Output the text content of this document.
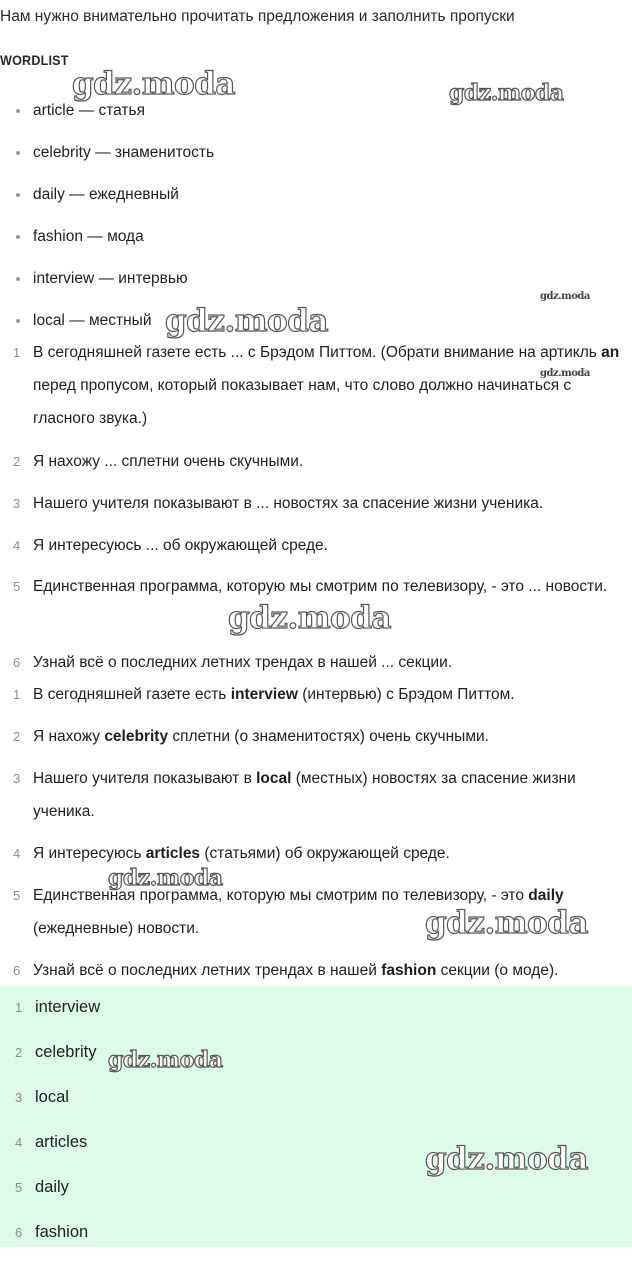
Нам нужно внимательно прочитать предложения и заполнить пропуски
WORDLIST
article — статья
celebrity — знаменитость
daily — ежедневный
fashion — мода
interview — интервью
local — местный
1 В сегодняшней газете есть ... с Брэдом Питтом. (Обрати внимание на артикль an перед пропусом, который показывает нам, что слово должно начинаться с гласного звука.)
2 Я нахожу ... сплетни очень скучными.
3 Нашего учителя показывают в ... новостях за спасение жизни ученика.
4 Я интересуюсь ... об окружающей среде.
5 Единственная программа, которую мы смотрим по телевизору, - это ... новости.
6 Узнай всё о последних летних трендах в нашей ... секции.
1 В сегодняшней газете есть interview (интервью) с Брэдом Питтом.
2 Я нахожу celebrity сплетни (о знаменитостях) очень скучными.
3 Нашего учителя показывают в local (местных) новостях за спасение жизни ученика.
4 Я интересуюсь articles (статьями) об окружающей среде.
5 Единственная программа, которую мы смотрим по телевизору, - это daily (ежедневные) новости.
6 Узнай всё о последних летних трендах в нашей fashion секции (о моде).
1 interview
2 celebrity
3 local
4 articles
5 daily
6 fashion
gdz.moda	gdz.moda
gdz.moda
gdz.moda
gdz.moda
gdz.moda
gdz.moda
gdz.moda
gdz.moda
gdz.moda
